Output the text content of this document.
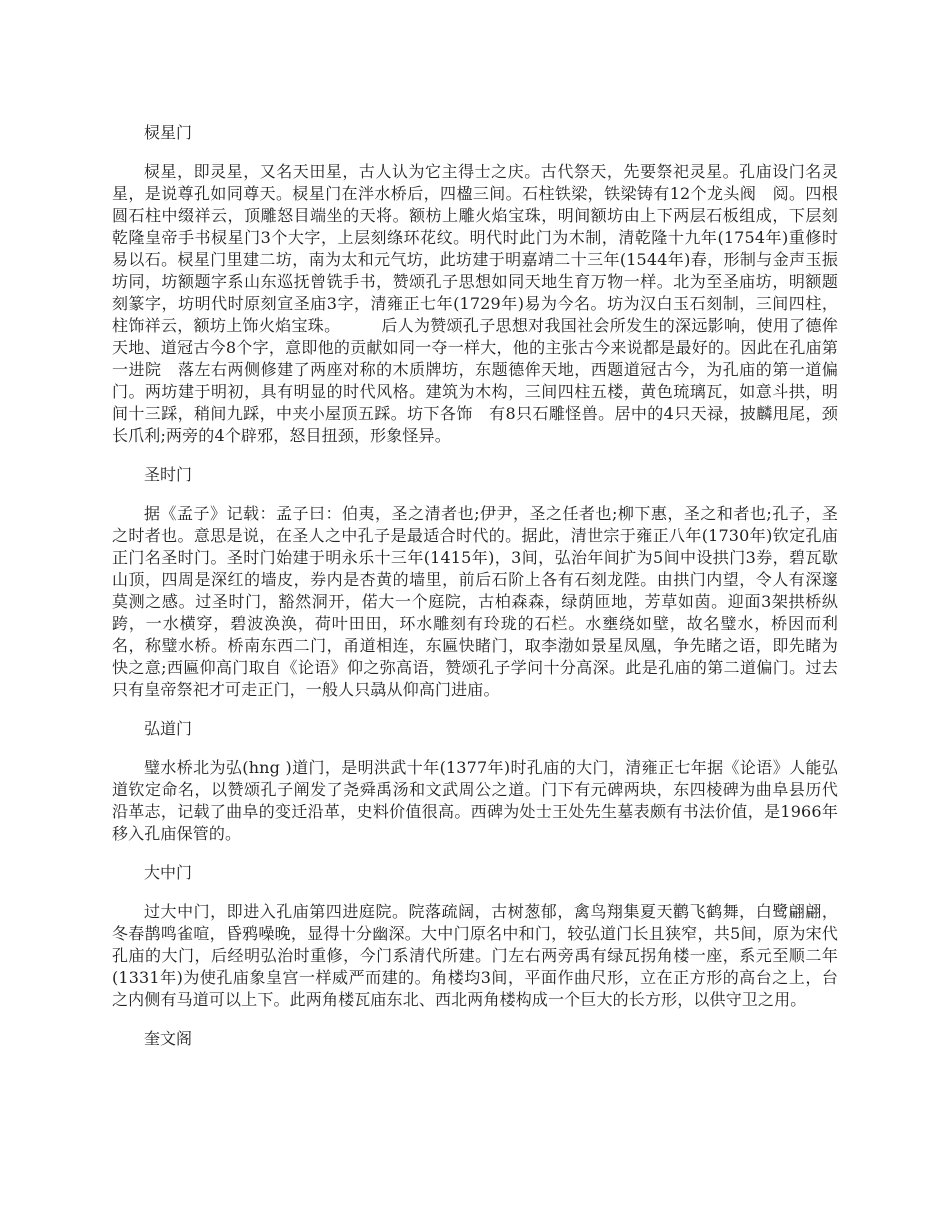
棂星门
棂星，即灵星，又名天田星，古人认为它主得士之庆。古代祭天，先要祭祀灵星。孔庙设门名灵星，是说尊孔如同尊天。棂星门在泮水桥后，四楹三间。石柱铁梁，铁梁铸有12个龙头阀　阅。四根圆石柱中缀祥云，顶雕怒目端坐的天将。额枋上雕火焰宝珠，明间额坊由上下两层石板组成，下层刻乾隆皇帝手书棂星门3个大字，上层刻绦环花纹。明代时此门为木制，清乾隆十九年(1754年)重修时易以石。棂星门里建二坊，南为太和元气坊，此坊建于明嘉靖二十三年(1544年)春，形制与金声玉振坊同，坊额题字系山东巡抚曾铣手书，赞颂孔子思想如同天地生育万物一样。北为至圣庙坊，明额题刻篆字，坊明代时原刻宣圣庙3字，清雍正七年(1729年)易为今名。坊为汉白玉石刻制，三间四柱，柱饰祥云，额坊上饰火焰宝珠。　　　后人为赞颂孔子思想对我国社会所发生的深远影响，使用了德侔天地、道冠古今8个字，意即他的贡献如同一夺一样大，他的主张古今来说都是最好的。因此在孔庙第一进院　落左右两侧修建了两座对称的木质牌坊，东题德侔天地，西题道冠古今，为孔庙的第一道偏门。两坊建于明初，具有明显的时代风格。建筑为木构，三间四柱五楼，黄色琉璃瓦，如意斗拱，明间十三踩，稍间九踩，中夹小屋顶五踩。坊下各饰　有8只石雕怪兽。居中的4只天禄，披麟甩尾，颈长爪利;两旁的4个辟邪，怒目扭颈，形象怪异。
圣时门
据《孟子》记载：孟子曰：伯夷，圣之清者也;伊尹，圣之任者也;柳下惠，圣之和者也;孔子，圣之时者也。意思是说，在圣人之中孔子是最适合时代的。据此，清世宗于雍正八年(1730年)钦定孔庙正门名圣时门。圣时门始建于明永乐十三年(1415年)，3间，弘治年间扩为5间中设拱门3券，碧瓦歇山顶，四周是深红的墙皮，券内是杏黄的墙里，前后石阶上各有石刻龙陛。由拱门内望，令人有深邃莫测之感。过圣时门，豁然洞开，偌大一个庭院，古柏森森，绿荫匝地，芳草如茵。迎面3架拱桥纵跨，一水横穿，碧波涣涣，荷叶田田，环水雕刻有玲珑的石栏。水壅绕如壁，故名璧水，桥因而利名，称璧水桥。桥南东西二门，甬道相连，东匾快睹门，取李渤如景星凤凰，争先睹之语，即先睹为快之意;西匾仰高门取自《论语》仰之弥高语，赞颂孔子学问十分高深。此是孔庙的第二道偏门。过去只有皇帝祭祀才可走正门，一般人只骉从仰高门进庙。
弘道门
璧水桥北为弘(hng )道门，是明洪武十年(1377年)时孔庙的大门，清雍正七年据《论语》人能弘道钦定命名，以赞颂孔子阐发了尧舜禹汤和文武周公之道。门下有元碑两块，东四棱碑为曲阜县历代沿革志，记载了曲阜的变迁沿革，史料价值很高。西碑为处士王处先生墓表颇有书法价值，是1966年移入孔庙保管的。
大中门
过大中门，即进入孔庙第四进庭院。院落疏阔，古树葱郁，禽鸟翔集夏天鹳飞鹤舞，白鹭翩翩，冬春鹊鸣雀喧，昏鸦噪晚，显得十分幽深。大中门原名中和门，较弘道门长且狭窄，共5间，原为宋代孔庙的大门，后经明弘治时重修，今门系清代所建。门左右两旁禹有绿瓦拐角楼一座，系元至顺二年(1331年)为使孔庙象皇宫一样威严而建的。角楼均3间，平面作曲尺形，立在正方形的高台之上，台之内侧有马道可以上下。此两角楼瓦庙东北、西北两角楼构成一个巨大的长方形，以供守卫之用。
奎文阁
